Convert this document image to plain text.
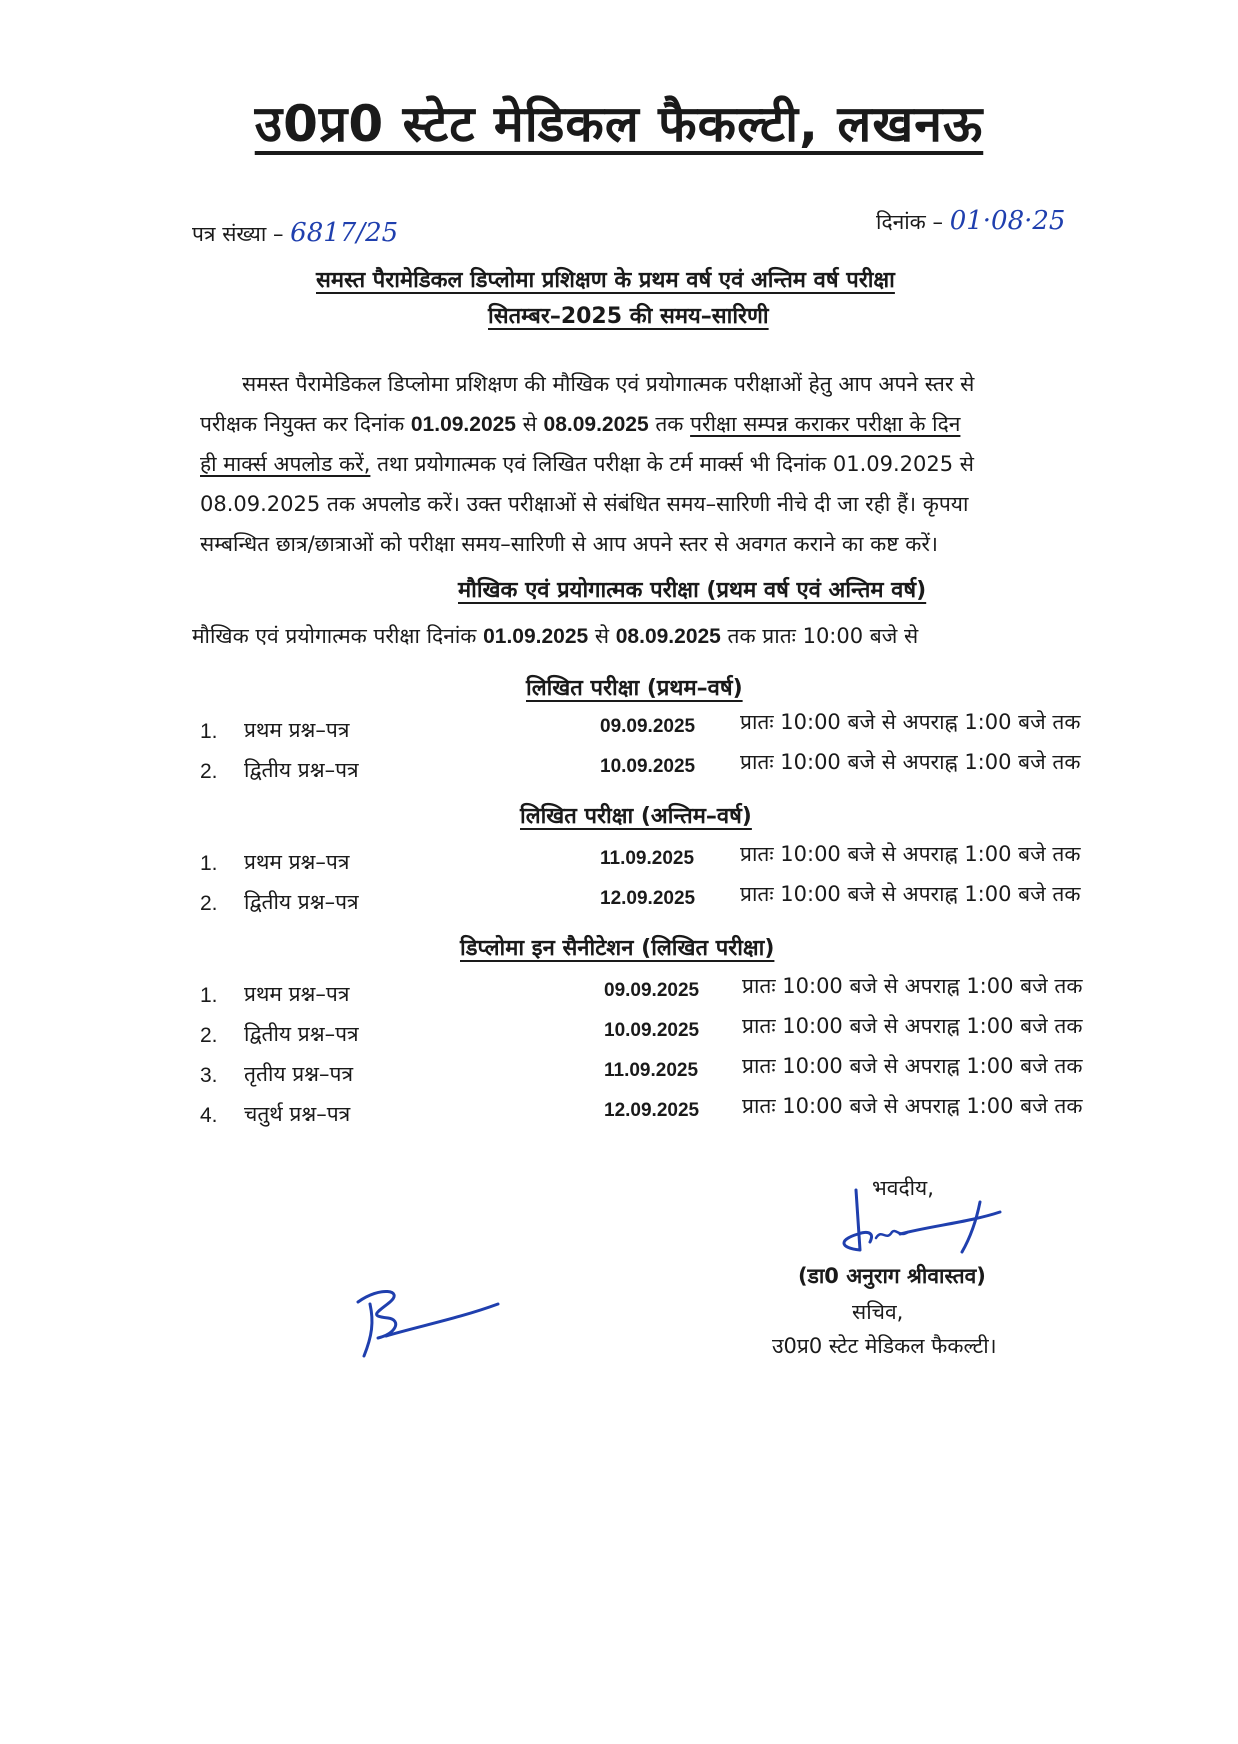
उ0प्र0 स्टेट मेडिकल फैकल्टी, लखनऊ
पत्र संख्या – 6817/25	दिनांक – 01·08·25
समस्त पैरामेडिकल डिप्लोमा प्रशिक्षण के प्रथम वर्ष एवं अन्तिम वर्ष परीक्षा
सितम्बर–2025 की समय–सारिणी
समस्त पैरामेडिकल डिप्लोमा प्रशिक्षण की मौखिक एवं प्रयोगात्मक परीक्षाओं हेतु आप अपने स्तर से
परीक्षक नियुक्त कर दिनांक 01.09.2025 से 08.09.2025 तक परीक्षा सम्पन्न कराकर परीक्षा के दिन
ही मार्क्स अपलोड करें, तथा प्रयोगात्मक एवं लिखित परीक्षा के टर्म मार्क्स भी दिनांक 01.09.2025 से
08.09.2025 तक अपलोड करें। उक्त परीक्षाओं से संबंधित समय–सारिणी नीचे दी जा रही हैं। कृपया
सम्बन्धित छात्र/छात्राओं को परीक्षा समय–सारिणी से आप अपने स्तर से अवगत कराने का कष्ट करें।
मौखिक एवं प्रयोगात्मक परीक्षा (प्रथम वर्ष एवं अन्तिम वर्ष)
मौखिक एवं प्रयोगात्मक परीक्षा दिनांक 01.09.2025 से 08.09.2025 तक प्रातः 10:00 बजे से
लिखित परीक्षा (प्रथम–वर्ष)
1. प्रथम प्रश्न–पत्र	09.09.2025 प्रातः 10:00 बजे से अपराह्न 1:00 बजे तक
2. द्वितीय प्रश्न–पत्र	10.09.2025 प्रातः 10:00 बजे से अपराह्न 1:00 बजे तक
लिखित परीक्षा (अन्तिम–वर्ष)
1. प्रथम प्रश्न–पत्र	11.09.2025 प्रातः 10:00 बजे से अपराह्न 1:00 बजे तक
2. द्वितीय प्रश्न–पत्र	12.09.2025 प्रातः 10:00 बजे से अपराह्न 1:00 बजे तक
डिप्लोमा इन सैनीटेशन (लिखित परीक्षा)
1. प्रथम प्रश्न–पत्र	09.09.2025 प्रातः 10:00 बजे से अपराह्न 1:00 बजे तक
2. द्वितीय प्रश्न–पत्र	10.09.2025 प्रातः 10:00 बजे से अपराह्न 1:00 बजे तक
3. तृतीय प्रश्न–पत्र	11.09.2025 प्रातः 10:00 बजे से अपराह्न 1:00 बजे तक
4. चतुर्थ प्रश्न–पत्र	12.09.2025 प्रातः 10:00 बजे से अपराह्न 1:00 बजे तक
भवदीय,
(डा0 अनुराग श्रीवास्तव)
सचिव,
उ0प्र0 स्टेट मेडिकल फैकल्टी।
